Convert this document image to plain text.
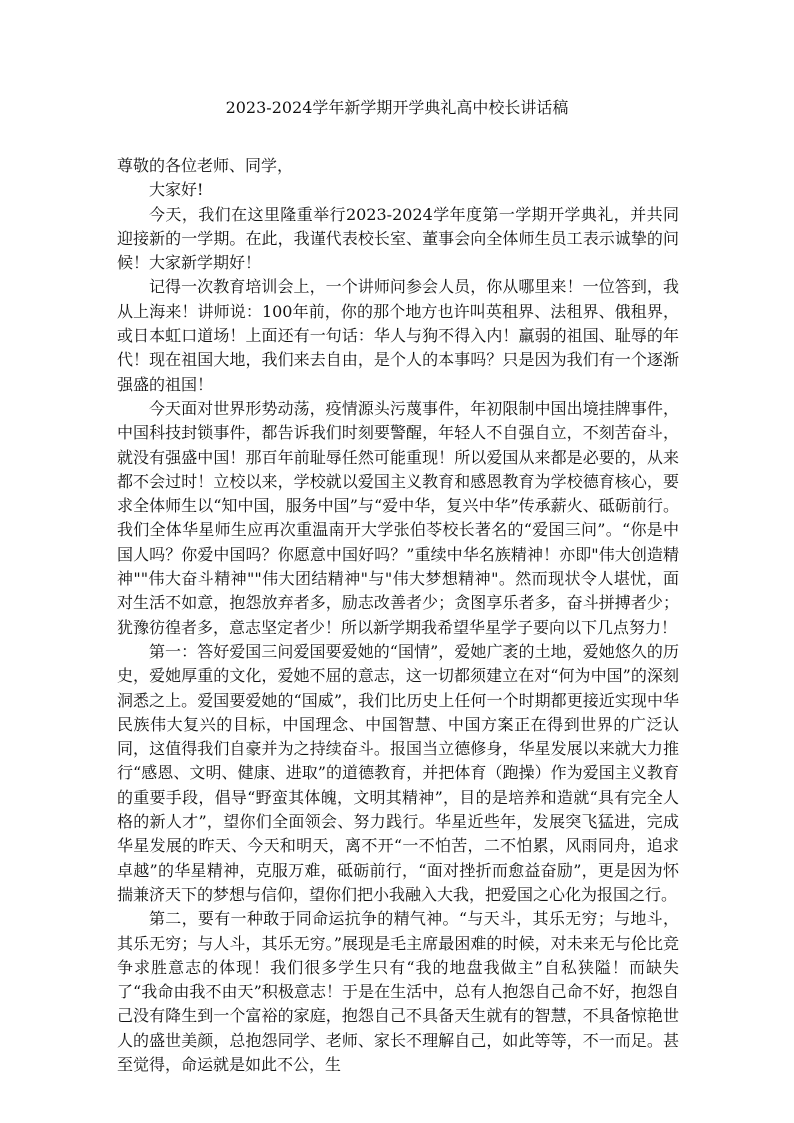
2023-2024学年新学期开学典礼高中校长讲话稿

尊敬的各位老师、同学，

大家好!

今天，我们在这里隆重举行2023-2024学年度第一学期开学典礼，并共同迎接新的一学期。在此，我谨代表校长室、董事会向全体师生员工表示诚挚的问候！大家新学期好！

记得一次教育培训会上，一个讲师问参会人员，你从哪里来！一位答到，我从上海来！讲师说：100年前，你的那个地方也许叫英租界、法租界、俄租界，或日本虹口道场！上面还有一句话：华人与狗不得入内！羸弱的祖国、耻辱的年代！现在祖国大地，我们来去自由，是个人的本事吗？只是因为我们有一个逐渐强盛的祖国！

今天面对世界形势动荡，疫情源头污蔑事件，年初限制中国出境挂牌事件，中国科技封锁事件，都告诉我们时刻要警醒，年轻人不自强自立，不刻苦奋斗，就没有强盛中国！那百年前耻辱任然可能重现！所以爱国从来都是必要的，从来都不会过时！立校以来，学校就以爱国主义教育和感恩教育为学校德育核心，要求全体师生以“知中国，服务中国”与“爱中华，复兴中华”传承薪火、砥砺前行。我们全体华星师生应再次重温南开大学张伯苓校长著名的“爱国三问”。“你是中国人吗？你爱中国吗？你愿意中国好吗？”重续中华名族精神！亦即"伟大创造精神""伟大奋斗精神""伟大团结精神"与"伟大梦想精神"。然而现状令人堪忧，面对生活不如意，抱怨放弃者多，励志改善者少；贪图享乐者多，奋斗拼搏者少；犹豫彷徨者多，意志坚定者少！所以新学期我希望华星学子要向以下几点努力！

第一：答好爱国三问爱国要爱她的“国情”，爱她广袤的土地，爱她悠久的历史，爱她厚重的文化，爱她不屈的意志，这一切都须建立在对“何为中国”的深刻洞悉之上。爱国要爱她的“国威”，我们比历史上任何一个时期都更接近实现中华民族伟大复兴的目标，中国理念、中国智慧、中国方案正在得到世界的广泛认同，这值得我们自豪并为之持续奋斗。报国当立德修身，华星发展以来就大力推行“感恩、文明、健康、进取”的道德教育，并把体育（跑操）作为爱国主义教育的重要手段，倡导“野蛮其体魄，文明其精神”，目的是培养和造就“具有完全人格的新人才”，望你们全面领会、努力践行。华星近些年，发展突飞猛进，完成华星发展的昨天、今天和明天，离不开“一不怕苦，二不怕累，风雨同舟，追求卓越”的华星精神，克服万难，砥砺前行，“面对挫折而愈益奋励”，更是因为怀揣兼济天下的梦想与信仰，望你们把小我融入大我，把爱国之心化为报国之行。

第二，要有一种敢于同命运抗争的精气神。“与天斗，其乐无穷；与地斗，其乐无穷；与人斗，其乐无穷。”展现是毛主席最困难的时候，对未来无与伦比竞争求胜意志的体现！我们很多学生只有“我的地盘我做主”自私狭隘！而缺失了“我命由我不由天”积极意志！于是在生活中，总有人抱怨自己命不好，抱怨自己没有降生到一个富裕的家庭，抱怨自己不具备天生就有的智慧，不具备惊艳世人的盛世美颜，总抱怨同学、老师、家长不理解自己，如此等等，不一而足。甚至觉得，命运就是如此不公，生
